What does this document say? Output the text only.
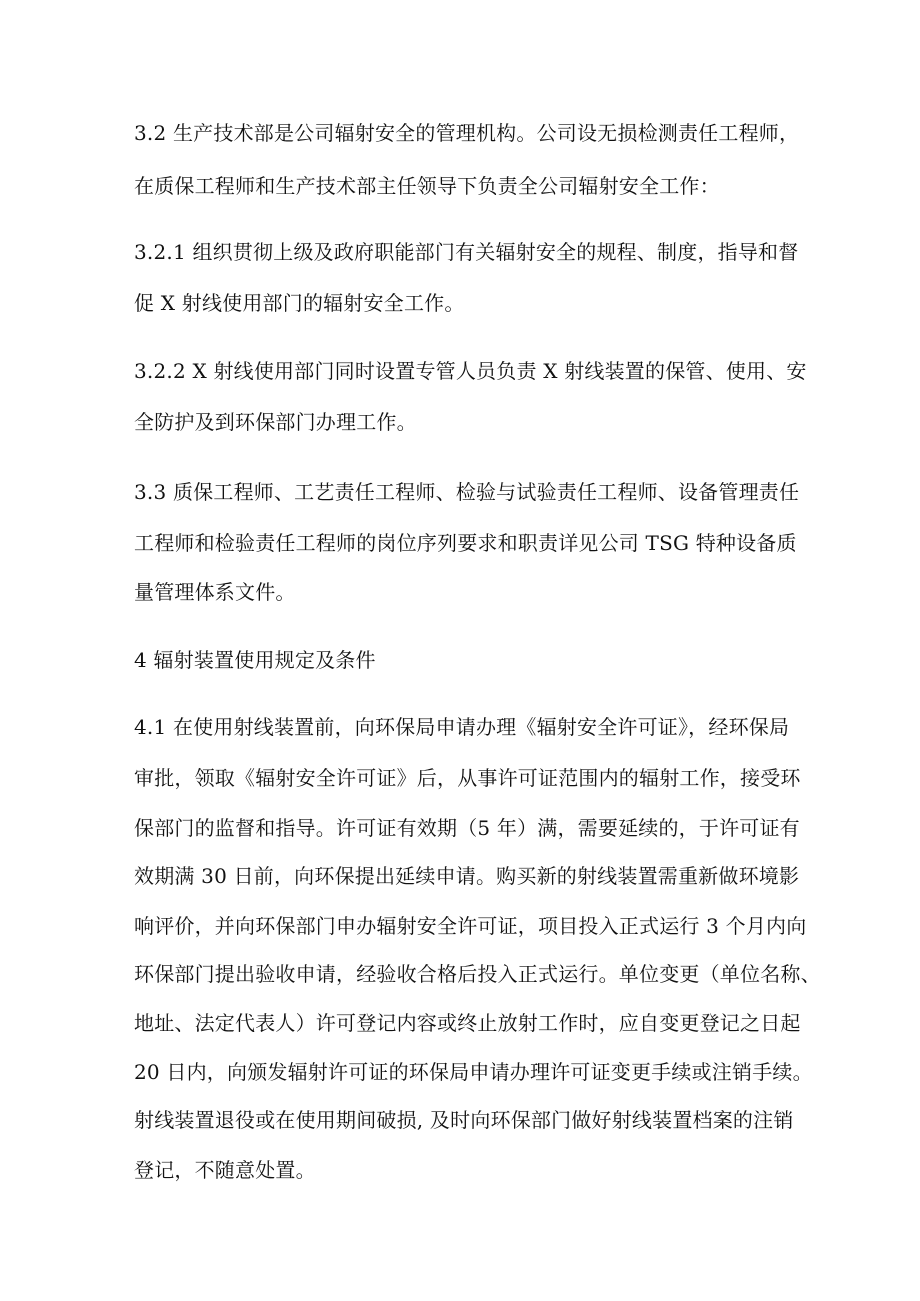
3.2 生产技术部是公司辐射安全的管理机构。公司设无损检测责任工程师，
在质保工程师和生产技术部主任领导下负责全公司辐射安全工作：
3.2.1 组织贯彻上级及政府职能部门有关辐射安全的规程、制度，指导和督
促 X 射线使用部门的辐射安全工作。
3.2.2 X 射线使用部门同时设置专管人员负责 X 射线装置的保管、使用、安
全防护及到环保部门办理工作。
3.3 质保工程师、工艺责任工程师、检验与试验责任工程师、设备管理责任
工程师和检验责任工程师的岗位序列要求和职责详见公司 TSG 特种设备质
量管理体系文件。
4 辐射装置使用规定及条件
4.1 在使用射线装置前，向环保局申请办理《辐射安全许可证》，经环保局
审批，领取《辐射安全许可证》后，从事许可证范围内的辐射工作，接受环
保部门的监督和指导。许可证有效期（5 年）满，需要延续的，于许可证有
效期满 30 日前，向环保提出延续申请。购买新的射线装置需重新做环境影
响评价，并向环保部门申办辐射安全许可证，项目投入正式运行 3 个月内向
环保部门提出验收申请，经验收合格后投入正式运行。单位变更（单位名称、
地址、法定代表人）许可登记内容或终止放射工作时，应自变更登记之日起
20 日内，向颁发辐射许可证的环保局申请办理许可证变更手续或注销手续。
射线装置退役或在使用期间破损, 及时向环保部门做好射线装置档案的注销
登记，不随意处置。
